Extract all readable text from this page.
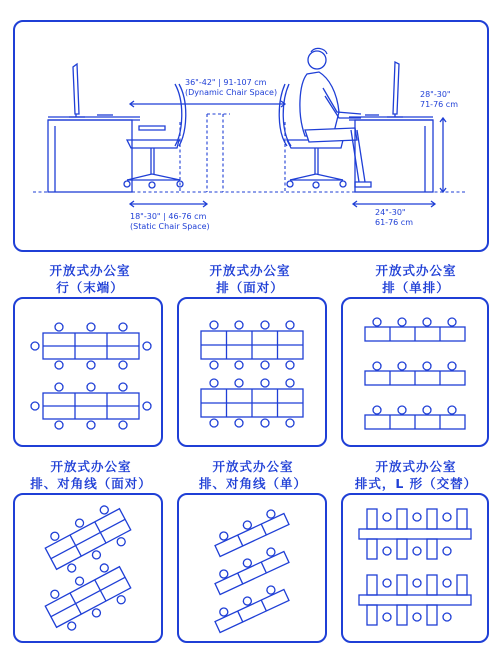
36"-42" | 91-107 cm
(Dynamic Chair Space)	28"-30"
71-76 cm
18"-30" | 46-76 cm
(Static Chair Space)
24"-30"
61-76 cm
开放式办公室
行（末端）
开放式办公室
排（面对）
开放式办公室
排（单排）
开放式办公室
排、对角线（面对）
开放式办公室
排、对角线（单）
开放式办公室
排式，L 形（交替）
